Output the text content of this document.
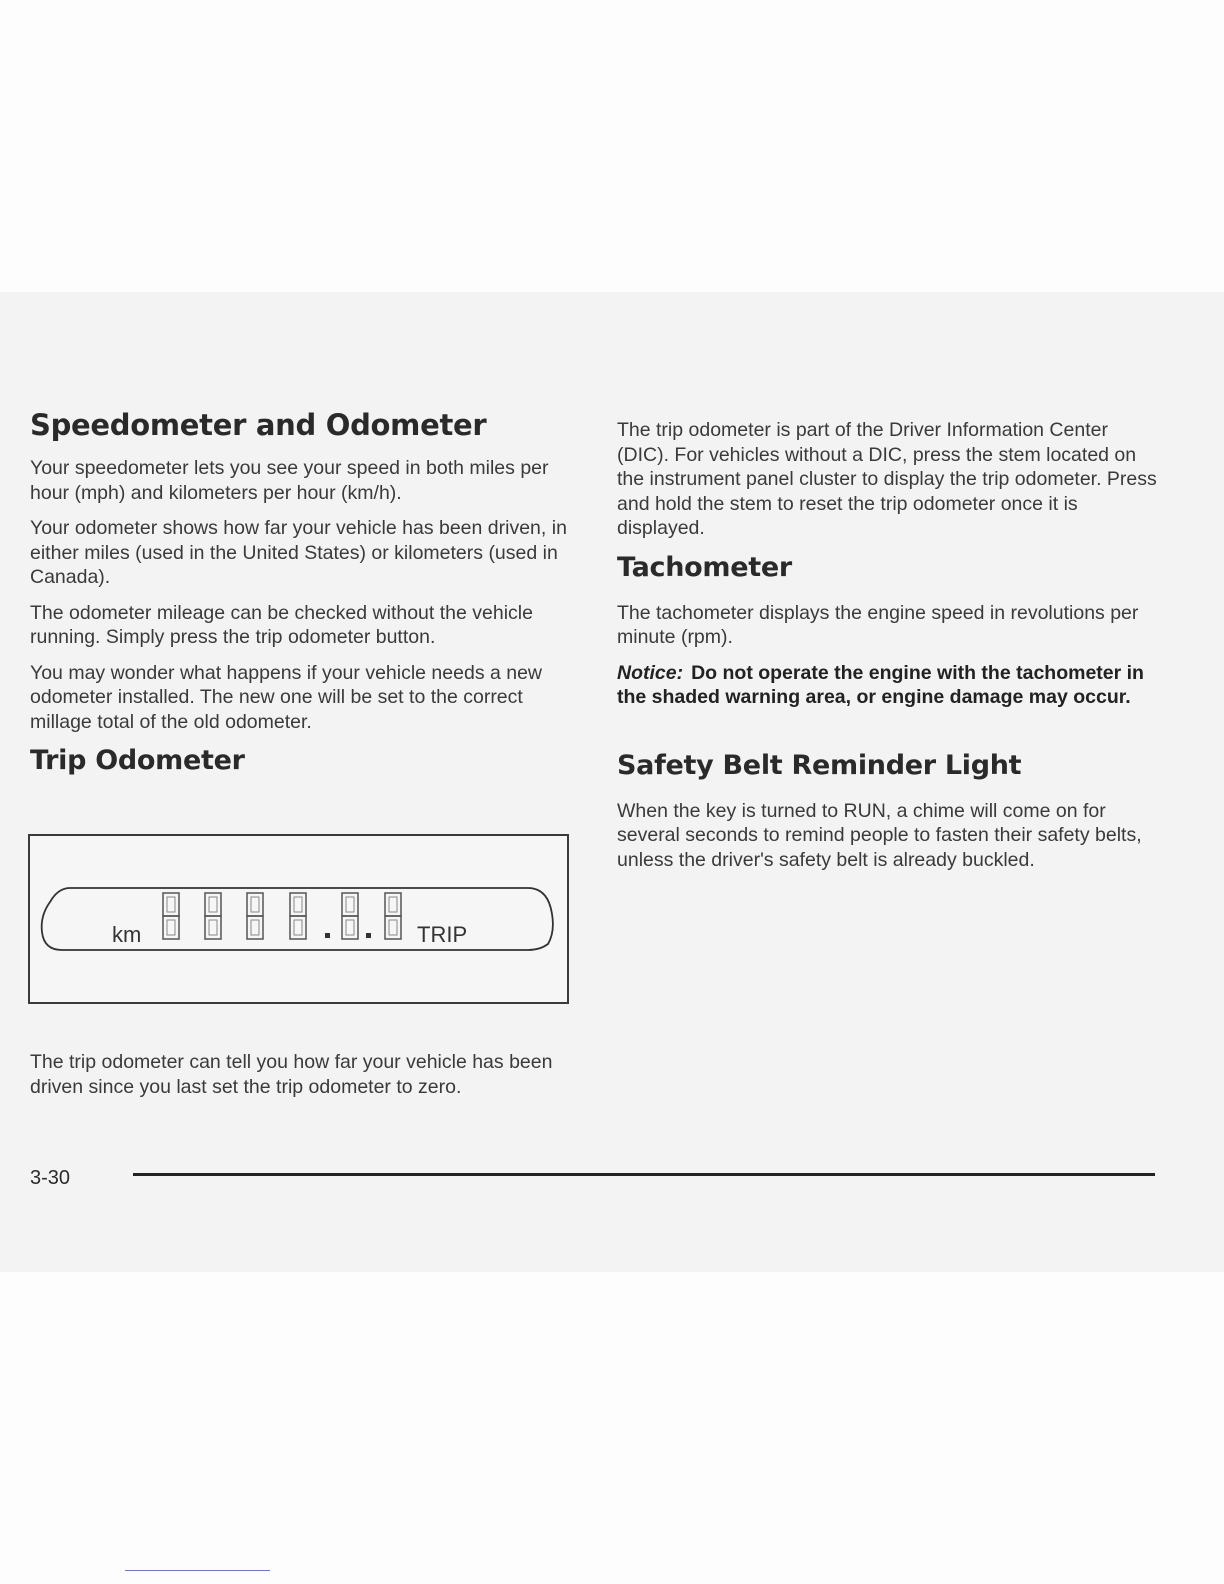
Speedometer and Odometer

Your speedometer lets you see your speed in both miles per hour (mph) and kilometers per hour (km/h).

Your odometer shows how far your vehicle has been driven, in either miles (used in the United States) or kilometers (used in Canada).

The odometer mileage can be checked without the vehicle running. Simply press the trip odometer button.

You may wonder what happens if your vehicle needs a new odometer installed. The new one will be set to the correct millage total of the old odometer.

Trip Odometer
km	TRIP

The trip odometer can tell you how far your vehicle has been driven since you last set the trip odometer to zero.

The trip odometer is part of the Driver Information Center (DIC). For vehicles without a DIC, press the stem located on the instrument panel cluster to display the trip odometer. Press and hold the stem to reset the trip odometer once it is displayed.

Tachometer

The tachometer displays the engine speed in revolutions per minute (rpm).

Notice: Do not operate the engine with the tachometer in the shaded warning area, or engine damage may occur.

Safety Belt Reminder Light

When the key is turned to RUN, a chime will come on for several seconds to remind people to fasten their safety belts, unless the driver's safety belt is already buckled.

3-30
